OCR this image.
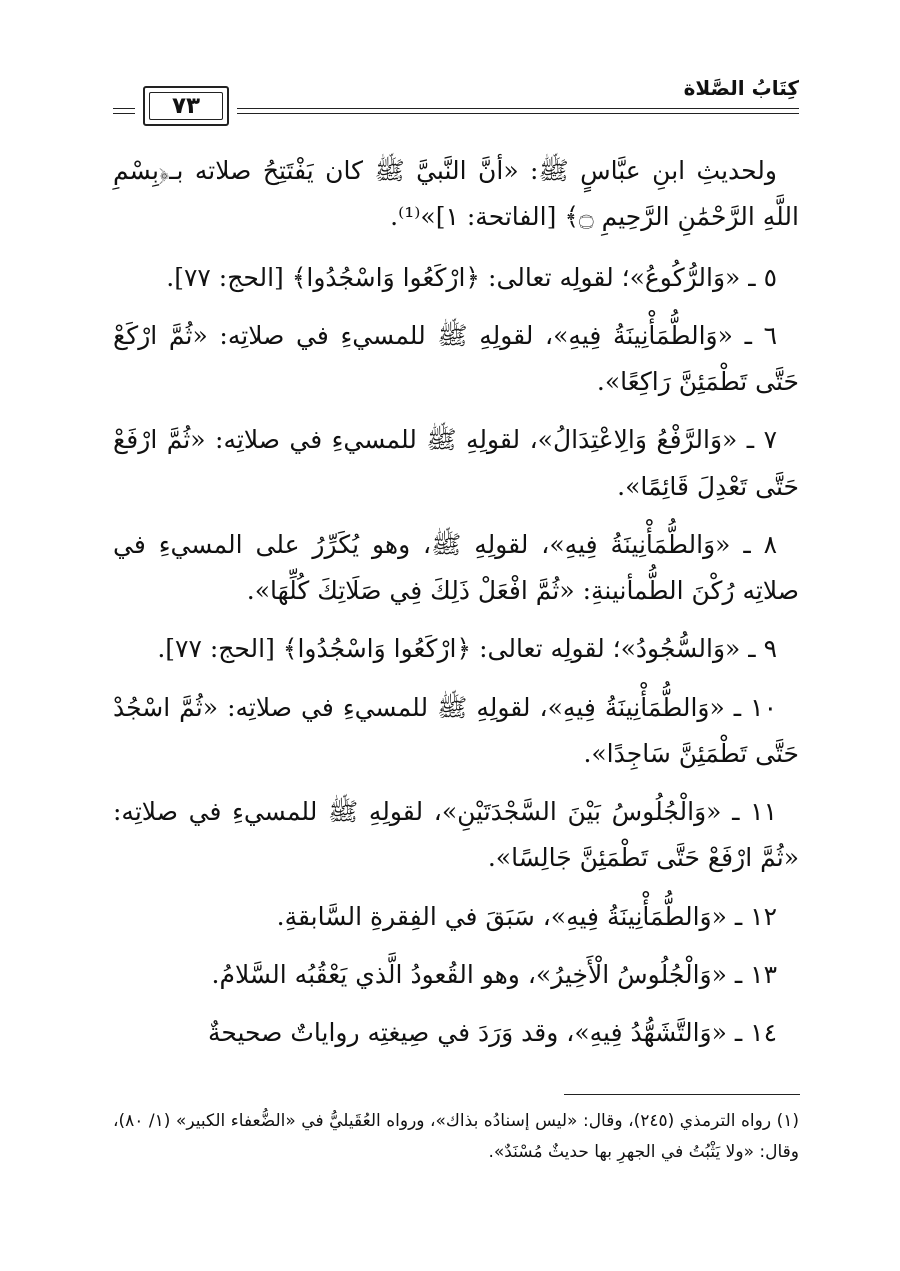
كِتَابُ الصَّلاة
٧٣

ولحديثِ ابنِ عبَّاسٍ ﷺ: «أنَّ النَّبيَّ ﷺ كان يَفْتَتِحُ صلاته بـ﴿بِسْمِ اللَّهِ الرَّحْمَٰنِ الرَّحِيمِ ۝﴾ [الفاتحة: ١]»⁽¹⁾.

٥ ـ «وَالرُّكُوعُ»؛ لقولِه تعالى: ﴿ارْكَعُوا وَاسْجُدُوا﴾ [الحج: ٧٧].

٦ ـ «وَالطُّمَأْنِينَةُ فِيهِ»، لقولِهِ ﷺ للمسيءِ في صلاتِه: «ثُمَّ ارْكَعْ حَتَّى تَطْمَئِنَّ رَاكِعًا».

٧ ـ «وَالرَّفْعُ وَالِاعْتِدَالُ»، لقولِهِ ﷺ للمسيءِ في صلاتِه: «ثُمَّ ارْفَعْ حَتَّى تَعْدِلَ قَائِمًا».

٨ ـ «وَالطُّمَأْنِينَةُ فِيهِ»، لقولِهِ ﷺ، وهو يُكَرِّرُ على المسيءِ في صلاتِه رُكْنَ الطُّمأنينةِ: «ثُمَّ افْعَلْ ذَلِكَ فِي صَلَاتِكَ كُلِّهَا».

٩ ـ «وَالسُّجُودُ»؛ لقولِه تعالى: ﴿ارْكَعُوا وَاسْجُدُوا﴾ [الحج: ٧٧].

١٠ ـ «وَالطُّمَأْنِينَةُ فِيهِ»، لقولِهِ ﷺ للمسيءِ في صلاتِه: «ثُمَّ اسْجُدْ حَتَّى تَطْمَئِنَّ سَاجِدًا».

١١ ـ «وَالْجُلُوسُ بَيْنَ السَّجْدَتَيْنِ»، لقولِهِ ﷺ للمسيءِ في صلاتِه: «ثُمَّ ارْفَعْ حَتَّى تَطْمَئِنَّ جَالِسًا».

١٢ ـ «وَالطُّمَأْنِينَةُ فِيهِ»، سَبَقَ في الفِقرةِ السَّابقةِ.

١٣ ـ «وَالْجُلُوسُ الْأَخِيرُ»، وهو القُعودُ الَّذي يَعْقُبُه السَّلامُ.

١٤ ـ «وَالتَّشَهُّدُ فِيهِ»، وقد وَرَدَ في صِيغتِه رواياتٌ صحيحةٌ

(١) رواه الترمذي (٢٤٥)، وقال: «ليس إسنادُه بذاك»، ورواه العُقَيليُّ في «الضُّعفاء الكبير» (١/ ٨٠)، وقال: «ولا يَثْبُتُ في الجهرِ بها حديثٌ مُسْنَدٌ».
